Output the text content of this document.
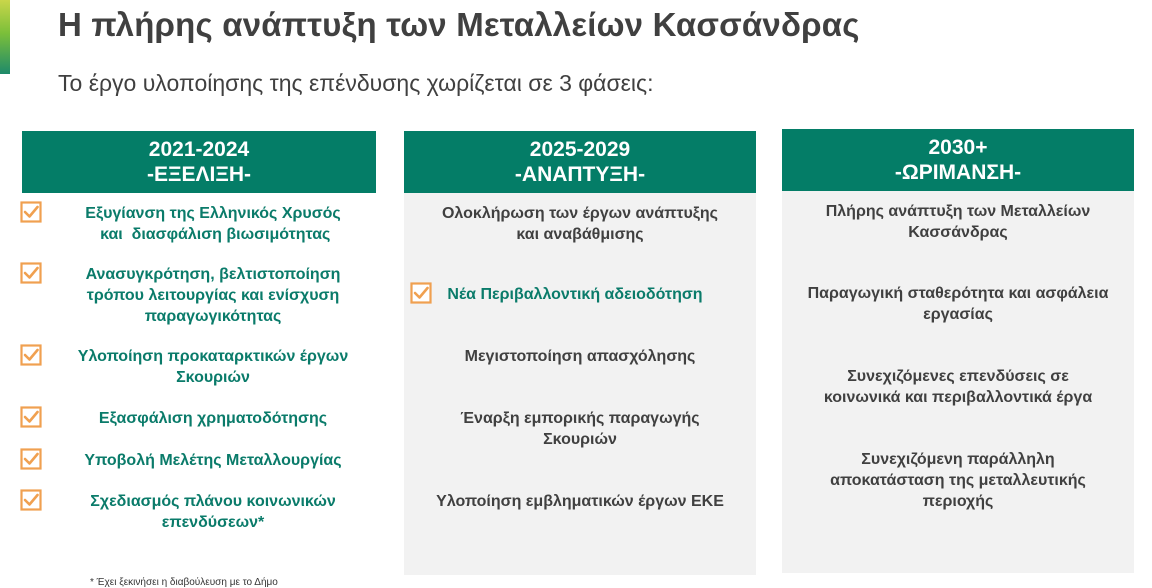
Η πλήρης ανάπτυξη των Μεταλλείων Κασσάνδρας
Το έργο υλοποίησης της επένδυσης χωρίζεται σε 3 φάσεις:
2021-2024
-ΕΞΕΛΙΞΗ-
Εξυγίανση της Ελληνικός Χρυσός
και  διασφάλιση βιωσιμότητας
Ανασυγκρότηση, βελτιστοποίηση
τρόπου λειτουργίας και ενίσχυση
παραγωγικότητας
Υλοποίηση προκαταρκτικών έργων
Σκουριών
Εξασφάλιση χρηματοδότησης
Υποβολή Μελέτης Μεταλλουργίας
Σχεδιασμός πλάνου κοινωνικών
επενδύσεων*
2025-2029
-ΑΝΑΠΤΥΞΗ-
Ολοκλήρωση των έργων ανάπτυξης
και αναβάθμισης
Νέα Περιβαλλοντική αδειοδότηση
Μεγιστοποίηση απασχόλησης
Έναρξη εμπορικής παραγωγής
Σκουριών
Υλοποίηση εμβληματικών έργων ΕΚΕ
2030+
-ΩΡΙΜΑΝΣΗ-
Πλήρης ανάπτυξη των Μεταλλείων
Κασσάνδρας
Παραγωγική σταθερότητα και ασφάλεια
εργασίας
Συνεχιζόμενες επενδύσεις σε
κοινωνικά και περιβαλλοντικά έργα
Συνεχιζόμενη παράλληλη
αποκατάσταση της μεταλλευτικής
περιοχής
* Έχει ξεκινήσει η διαβούλευση με το Δήμο
